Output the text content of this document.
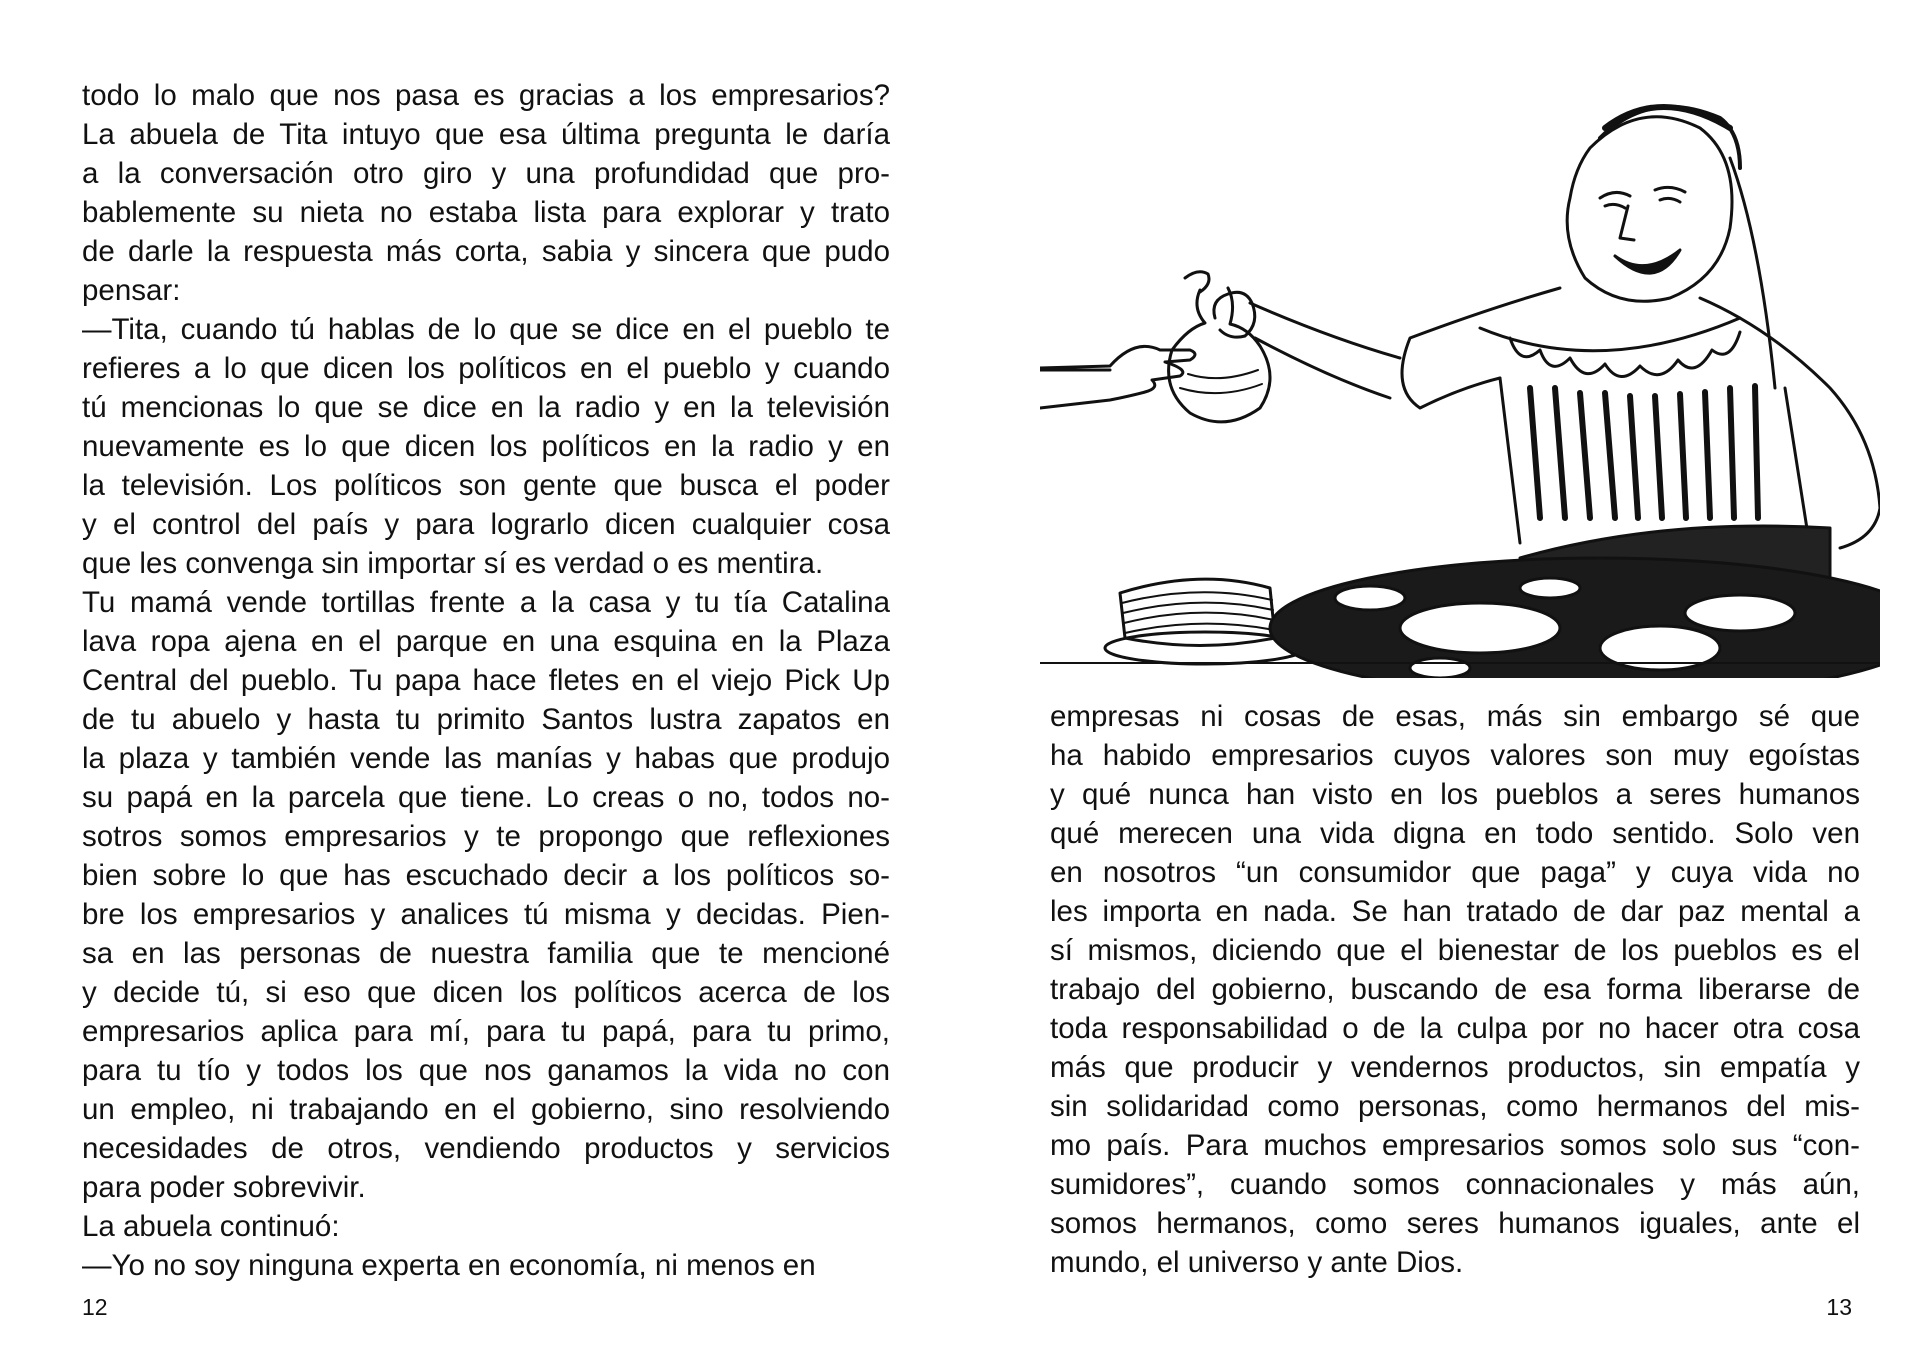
todo lo malo que nos pasa es gracias a los empresarios?
La abuela de Tita intuyo que esa última pregunta le daría
a la conversación otro giro y una profundidad que pro-
bablemente su nieta no estaba lista para explorar y trato
de darle la respuesta más corta, sabia y sincera que pudo
pensar:
—Tita, cuando tú hablas de lo que se dice en el pueblo te
refieres a lo que dicen los políticos en el pueblo y cuando
tú mencionas lo que se dice en la radio y en la televisión
nuevamente es lo que dicen los políticos en la radio y en
la televisión. Los políticos son gente que busca el poder
y el control del país y para lograrlo dicen cualquier cosa
que les convenga sin importar sí es verdad o es mentira.
Tu mamá vende tortillas frente a la casa y tu tía Catalina
lava ropa ajena en el parque en una esquina en la Plaza
Central del pueblo. Tu papa hace fletes en el viejo Pick Up
de tu abuelo y hasta tu primito Santos lustra zapatos en
la plaza y también vende las manías y habas que produjo
su papá en la parcela que tiene. Lo creas o no, todos no-
sotros somos empresarios y te propongo que reflexiones
bien sobre lo que has escuchado decir a los políticos so-
bre los empresarios y analices tú misma y decidas. Pien-
sa en las personas de nuestra familia que te mencioné
y decide tú, si eso que dicen los políticos acerca de los
empresarios aplica para mí, para tu papá, para tu primo,
para tu tío y todos los que nos ganamos la vida no con
un empleo, ni trabajando en el gobierno, sino resolviendo
necesidades de otros, vendiendo productos y servicios
para poder sobrevivir.
La abuela continuó:
—Yo no soy ninguna experta en economía, ni menos en
12
empresas ni cosas de esas, más sin embargo sé que
ha habido empresarios cuyos valores son muy egoístas
y qué nunca han visto en los pueblos a seres humanos
qué merecen una vida digna en todo sentido. Solo ven
en nosotros “un consumidor que paga” y cuya vida no
les importa en nada. Se han tratado de dar paz mental a
sí mismos, diciendo que el bienestar de los pueblos es el
trabajo del gobierno, buscando de esa forma liberarse de
toda responsabilidad o de la culpa por no hacer otra cosa
más que producir y vendernos productos, sin empatía y
sin solidaridad como personas, como hermanos del mis-
mo país. Para muchos empresarios somos solo sus “con-
sumidores”, cuando somos connacionales y más aún,
somos hermanos, como seres humanos iguales, ante el
mundo, el universo y ante Dios.
13
